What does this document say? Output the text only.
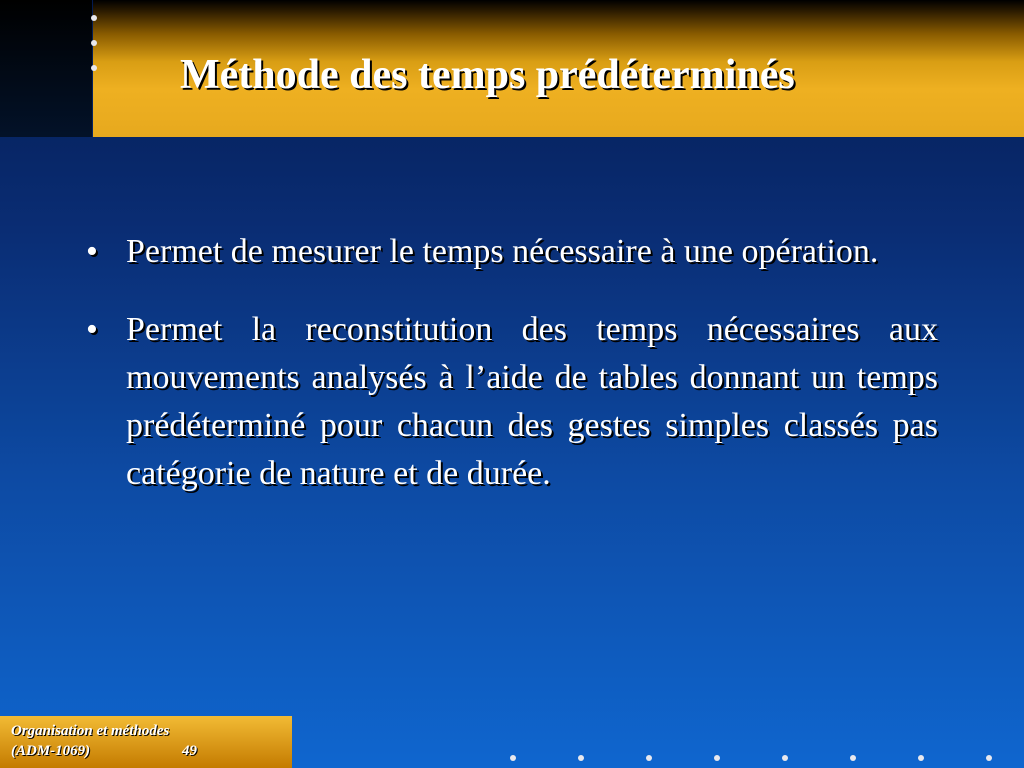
Méthode des temps prédéterminés
• Permet de mesurer le temps nécessaire à une opération.
• Permet la reconstitution des temps nécessaires aux mouvements analysés à l’aide de tables donnant un temps prédéterminé pour chacun des gestes simples classés pas catégorie de nature et de durée.

Organisation et méthodes

(ADM-1069)	49
